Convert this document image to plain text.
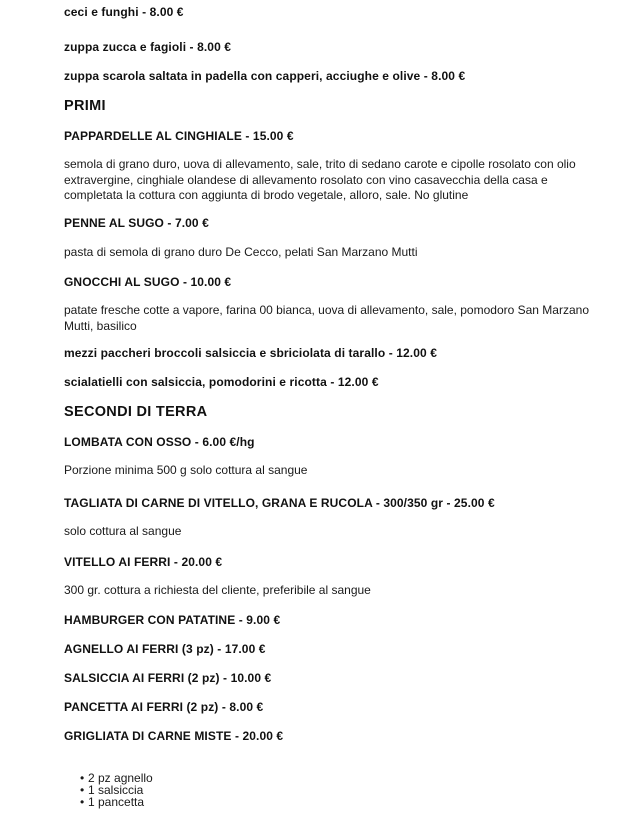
ceci e funghi - 8.00 €

zuppa zucca e fagioli - 8.00 €

zuppa scarola saltata in padella con capperi, acciughe e olive - 8.00 €

PRIMI

PAPPARDELLE AL CINGHIALE - 15.00 €

semola di grano duro, uova di allevamento, sale, trito di sedano carote e cipolle rosolato con olio extravergine, cinghiale olandese di allevamento rosolato con vino casavecchia della casa e completata la cottura con aggiunta di brodo vegetale, alloro, sale. No glutine

PENNE AL SUGO - 7.00 €

pasta di semola di grano duro De Cecco, pelati San Marzano Mutti

GNOCCHI AL SUGO - 10.00 €

patate fresche cotte a vapore, farina 00 bianca, uova di allevamento, sale, pomodoro San Marzano Mutti, basilico

mezzi paccheri broccoli salsiccia e sbriciolata di tarallo - 12.00 €

scialatielli con salsiccia, pomodorini e ricotta - 12.00 €

SECONDI DI TERRA

LOMBATA CON OSSO - 6.00 €/hg

Porzione minima 500 g solo cottura al sangue

TAGLIATA DI CARNE DI VITELLO, GRANA E RUCOLA - 300/350 gr - 25.00 €

solo cottura al sangue

VITELLO AI FERRI - 20.00 €

300 gr. cottura a richiesta del cliente, preferibile al sangue

HAMBURGER CON PATATINE - 9.00 €

AGNELLO AI FERRI (3 pz) - 17.00 €

SALSICCIA AI FERRI (2 pz) - 10.00 €

PANCETTA AI FERRI (2 pz) - 8.00 €

GRIGLIATA DI CARNE MISTE - 20.00 €

• 2 pz agnello
• 1 salsiccia
• 1 pancetta
